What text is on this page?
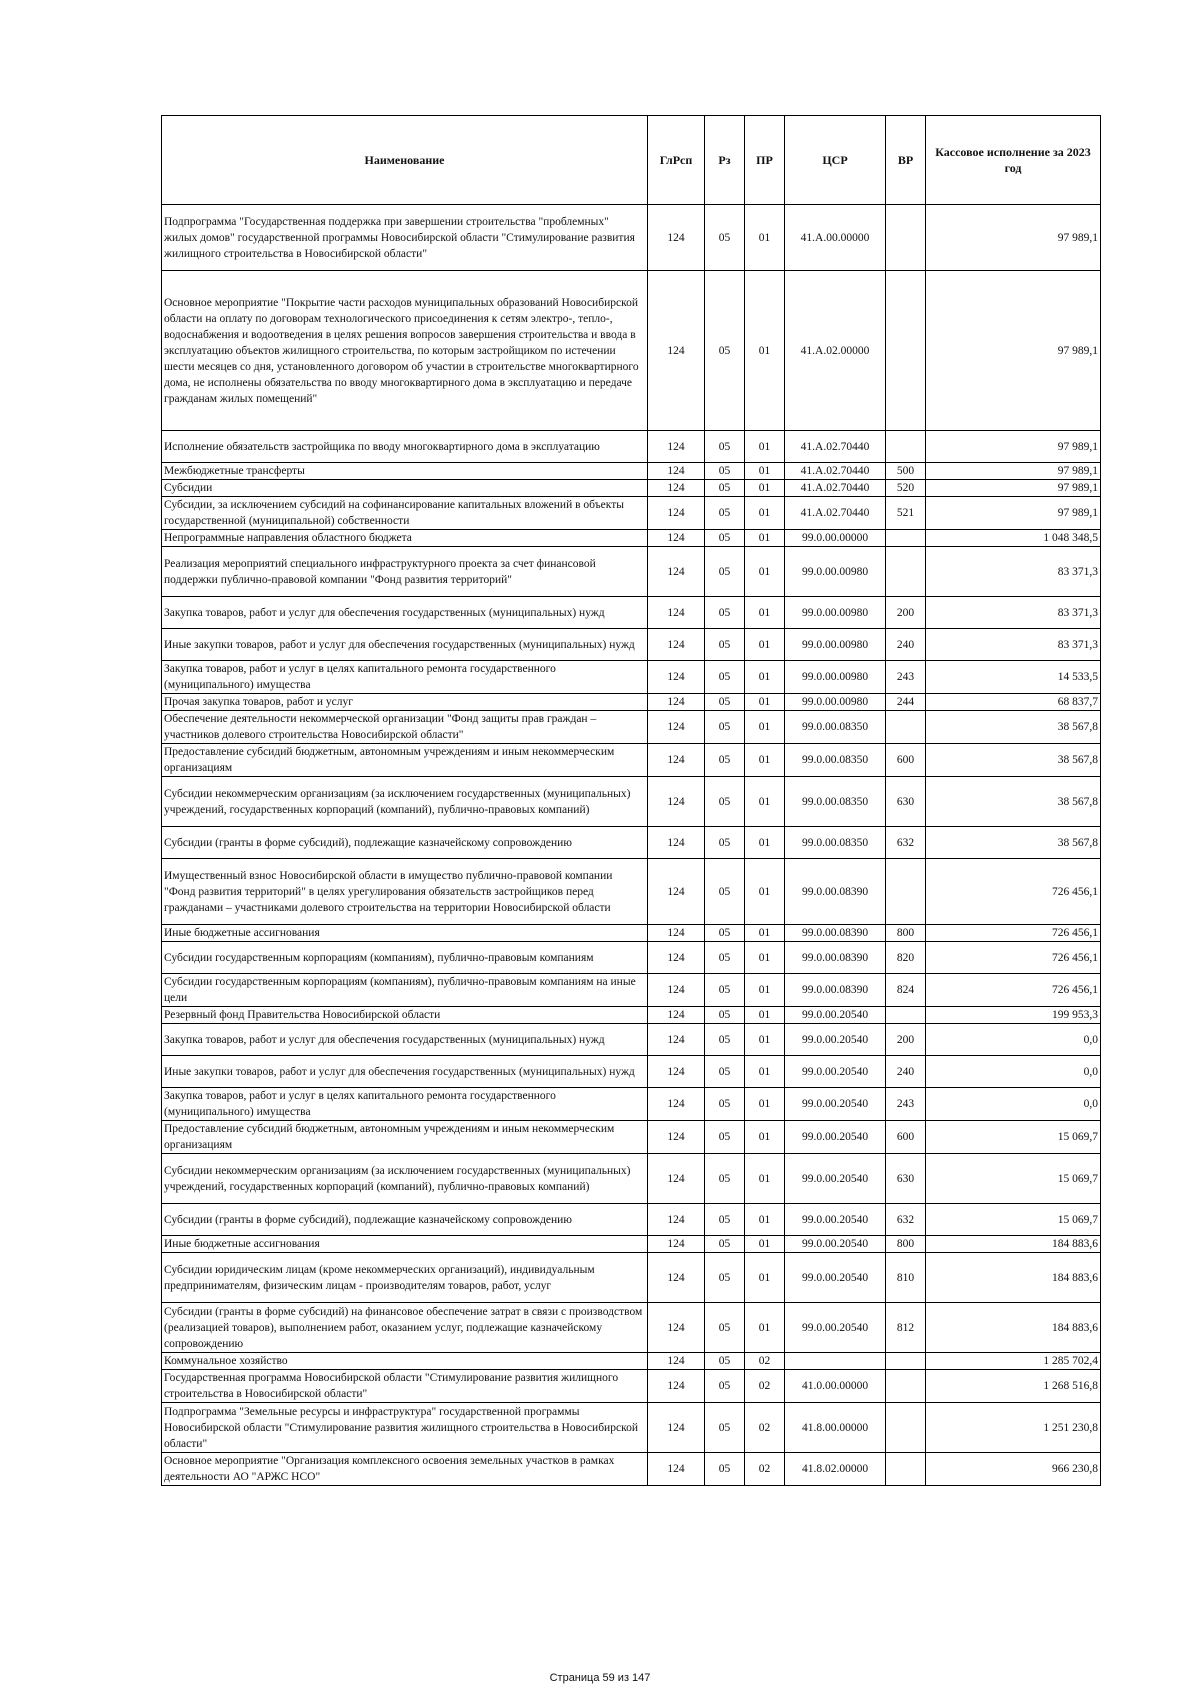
Наименование	ГлРсп	Рз	ПР	ЦСР	ВР	Кассовое исполнение за 2023 год
Подпрограмма "Государственная поддержка при завершении строительства "проблемных" жилых домов" государственной программы Новосибирской области "Стимулирование развития жилищного строительства в Новосибирской области"	124	05	01	41.А.00.00000		97 989,1
Основное мероприятие "Покрытие части расходов муниципальных образований Новосибирской области на оплату по договорам технологического присоединения к сетям электро-, тепло-, водоснабжения и водоотведения в целях решения вопросов завершения строительства и ввода в эксплуатацию объектов жилищного строительства, по которым застройщиком по истечении шести месяцев со дня, установленного договором об участии в строительстве многоквартирного дома, не исполнены обязательства по вводу многоквартирного дома в эксплуатацию и передаче гражданам жилых помещений"	124	05	01	41.А.02.00000		97 989,1
Исполнение обязательств застройщика по вводу многоквартирного дома в эксплуатацию	124	05	01	41.А.02.70440		97 989,1
Межбюджетные трансферты	124	05	01	41.А.02.70440	500	97 989,1
Субсидии	124	05	01	41.А.02.70440	520	97 989,1
Субсидии, за исключением субсидий на софинансирование капитальных вложений в объекты государственной (муниципальной) собственности	124	05	01	41.А.02.70440	521	97 989,1
Непрограммные направления областного бюджета	124	05	01	99.0.00.00000		1 048 348,5
Реализация мероприятий специального инфраструктурного проекта за счет финансовой поддержки публично-правовой компании "Фонд развития территорий"	124	05	01	99.0.00.00980		83 371,3
Закупка товаров, работ и услуг для обеспечения государственных (муниципальных) нужд	124	05	01	99.0.00.00980	200	83 371,3
Иные закупки товаров, работ и услуг для обеспечения государственных (муниципальных) нужд	124	05	01	99.0.00.00980	240	83 371,3
Закупка товаров, работ и услуг в целях капитального ремонта государственного (муниципального) имущества	124	05	01	99.0.00.00980	243	14 533,5
Прочая закупка товаров, работ и услуг	124	05	01	99.0.00.00980	244	68 837,7
Обеспечение деятельности некоммерческой организации "Фонд защиты прав граждан – участников долевого строительства Новосибирской области"	124	05	01	99.0.00.08350		38 567,8
Предоставление субсидий бюджетным, автономным учреждениям и иным некоммерческим организациям	124	05	01	99.0.00.08350	600	38 567,8
Субсидии некоммерческим организациям (за исключением государственных (муниципальных) учреждений, государственных корпораций (компаний), публично-правовых компаний)	124	05	01	99.0.00.08350	630	38 567,8
Субсидии (гранты в форме субсидий), подлежащие казначейскому сопровождению	124	05	01	99.0.00.08350	632	38 567,8
Имущественный взнос Новосибирской области в имущество публично-правовой компании "Фонд развития территорий" в целях урегулирования обязательств застройщиков перед гражданами – участниками долевого строительства на территории Новосибирской области	124	05	01	99.0.00.08390		726 456,1
Иные бюджетные ассигнования	124	05	01	99.0.00.08390	800	726 456,1
Субсидии государственным корпорациям (компаниям), публично-правовым компаниям	124	05	01	99.0.00.08390	820	726 456,1
Субсидии государственным корпорациям (компаниям), публично-правовым компаниям на иные цели	124	05	01	99.0.00.08390	824	726 456,1
Резервный фонд Правительства Новосибирской области	124	05	01	99.0.00.20540		199 953,3
Закупка товаров, работ и услуг для обеспечения государственных (муниципальных) нужд	124	05	01	99.0.00.20540	200	0,0
Иные закупки товаров, работ и услуг для обеспечения государственных (муниципальных) нужд	124	05	01	99.0.00.20540	240	0,0
Закупка товаров, работ и услуг в целях капитального ремонта государственного (муниципального) имущества	124	05	01	99.0.00.20540	243	0,0
Предоставление субсидий бюджетным, автономным учреждениям и иным некоммерческим организациям	124	05	01	99.0.00.20540	600	15 069,7
Субсидии некоммерческим организациям (за исключением государственных (муниципальных) учреждений, государственных корпораций (компаний), публично-правовых компаний)	124	05	01	99.0.00.20540	630	15 069,7
Субсидии (гранты в форме субсидий), подлежащие казначейскому сопровождению	124	05	01	99.0.00.20540	632	15 069,7
Иные бюджетные ассигнования	124	05	01	99.0.00.20540	800	184 883,6
Субсидии юридическим лицам (кроме некоммерческих организаций), индивидуальным предпринимателям, физическим лицам - производителям товаров, работ, услуг	124	05	01	99.0.00.20540	810	184 883,6
Субсидии (гранты в форме субсидий) на финансовое обеспечение затрат в связи с производством (реализацией товаров), выполнением работ, оказанием услуг, подлежащие казначейскому сопровождению	124	05	01	99.0.00.20540	812	184 883,6
Коммунальное хозяйство	124	05	02			1 285 702,4
Государственная программа Новосибирской области "Стимулирование развития жилищного строительства в Новосибирской области"	124	05	02	41.0.00.00000		1 268 516,8
Подпрограмма "Земельные ресурсы и инфраструктура" государственной программы Новосибирской области "Стимулирование развития жилищного строительства в Новосибирской области"	124	05	02	41.8.00.00000		1 251 230,8
Основное мероприятие "Организация комплексного освоения земельных участков в рамках деятельности АО "АРЖС НСО"	124	05	02	41.8.02.00000		966 230,8
Страница 59 из 147
